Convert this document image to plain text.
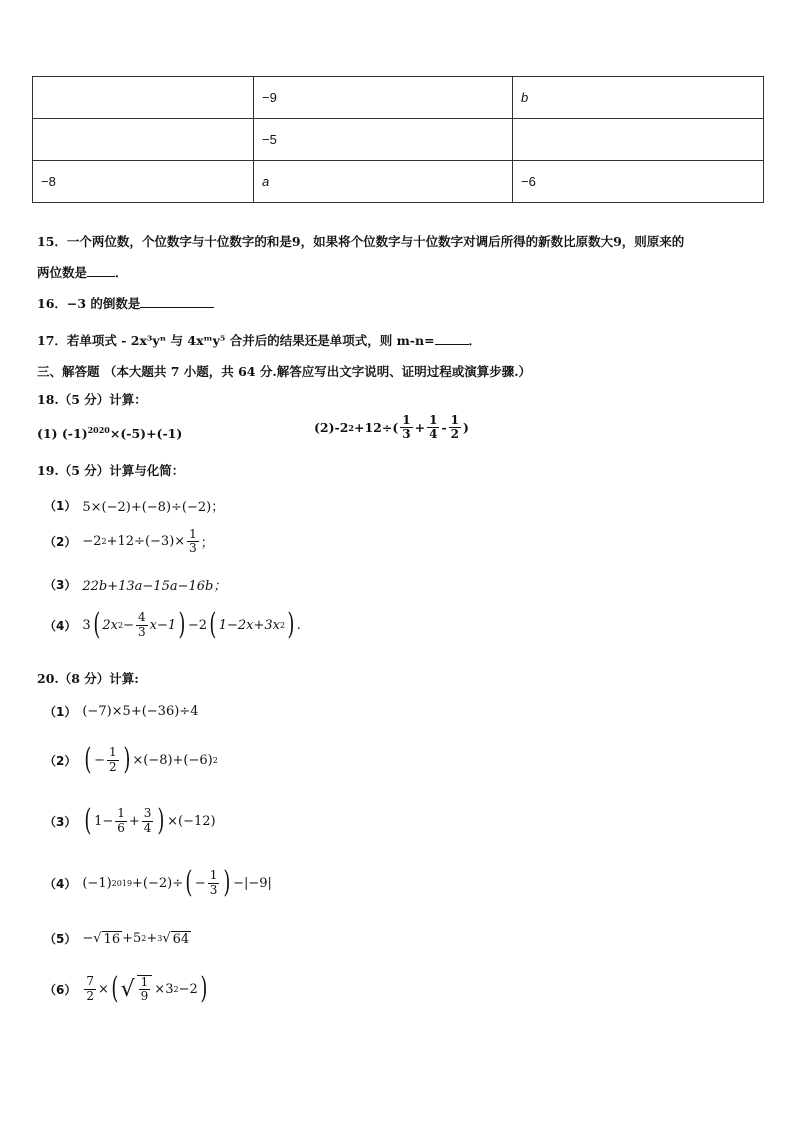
	−9	b
	−5	
−8	a	−6
15．一个两位数，个位数字与十位数字的和是9，如果将个位数字与十位数字对调后所得的新数比原数大9，则原来的
两位数是 ．
16．−3 的倒数是
17．若单项式 - 2x³yⁿ 与 4xᵐy⁵ 合并后的结果还是单项式，则 m-n=	．
三、解答题 （本大题共 7 小题，共 64 分.解答应写出文字说明、证明过程或演算步骤.）
18.（5 分）计算：
(1) $(-1)^{2020}\times(-5)+(-1)$	(2)-2 $2 +12\div( \frac{1}{3} + \frac{1}{4} - \frac{1}{2}$ )
19.（5 分）计算与化简：
（1） 5×(−2)+(−8)÷(−2)；
（2） −2 $2 +12\div(-3)\times \frac{1}{3}$ ；
（3） 22b+13a−15a−16b；
（4） 3 ( 2x $2 - \frac{4}{3} x-1$ ) −2 ( 1−2x+3x 2 ) .
20.（8 分）计算:
（1） (−7)×5+(−36)÷4
（2） ( − $\frac{1}{2}$ ) ×(−8)+(−6) 2
（3） ( $1- \frac{1}{6} + \frac{3}{4}$ ) ×(−12)
（4） (−1) 2019 +(−2)÷ ( − $\frac{1}{3}$ ) −|−9|
（5） −√ 16 +5 2 + 3 √ 64
$(6) \frac{7}{2}$ × ( √ $\frac{1}{9} \times 3$ 2 −2 )
